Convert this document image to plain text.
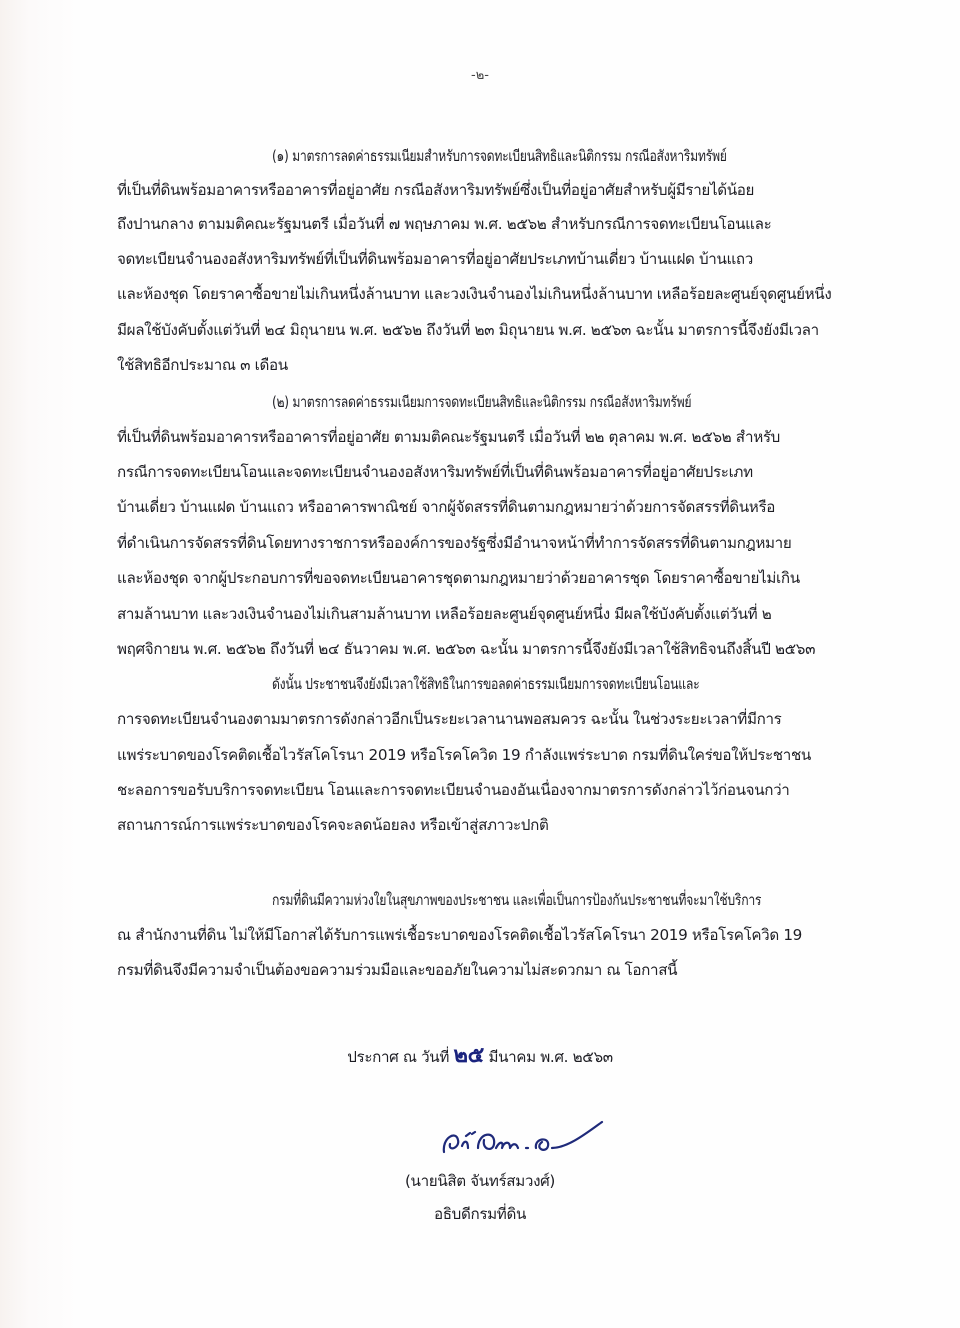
-๒-
(๑) มาตรการลดค่าธรรมเนียมสำหรับการจดทะเบียนสิทธิและนิติกรรม กรณีอสังหาริมทรัพย์
ที่เป็นที่ดินพร้อมอาคารหรืออาคารที่อยู่อาศัย กรณีอสังหาริมทรัพย์ซึ่งเป็นที่อยู่อาศัยสำหรับผู้มีรายได้น้อย
ถึงปานกลาง ตามมติคณะรัฐมนตรี เมื่อวันที่ ๗ พฤษภาคม พ.ศ. ๒๕๖๒ สำหรับกรณีการจดทะเบียนโอนและ
จดทะเบียนจำนองอสังหาริมทรัพย์ที่เป็นที่ดินพร้อมอาคารที่อยู่อาศัยประเภทบ้านเดี่ยว บ้านแฝด บ้านแถว
และห้องชุด โดยราคาซื้อขายไม่เกินหนึ่งล้านบาท และวงเงินจำนองไม่เกินหนึ่งล้านบาท เหลือร้อยละศูนย์จุดศูนย์หนึ่ง
มีผลใช้บังคับตั้งแต่วันที่ ๒๔ มิถุนายน พ.ศ. ๒๕๖๒ ถึงวันที่ ๒๓ มิถุนายน พ.ศ. ๒๕๖๓ ฉะนั้น มาตรการนี้จึงยังมีเวลา
ใช้สิทธิอีกประมาณ ๓ เดือน
(๒) มาตรการลดค่าธรรมเนียมการจดทะเบียนสิทธิและนิติกรรม กรณีอสังหาริมทรัพย์
ที่เป็นที่ดินพร้อมอาคารหรืออาคารที่อยู่อาศัย ตามมติคณะรัฐมนตรี เมื่อวันที่ ๒๒ ตุลาคม พ.ศ. ๒๕๖๒ สำหรับ
กรณีการจดทะเบียนโอนและจดทะเบียนจำนองอสังหาริมทรัพย์ที่เป็นที่ดินพร้อมอาคารที่อยู่อาศัยประเภท
บ้านเดี่ยว บ้านแฝด บ้านแถว หรืออาคารพาณิชย์ จากผู้จัดสรรที่ดินตามกฎหมายว่าด้วยการจัดสรรที่ดินหรือ
ที่ดำเนินการจัดสรรที่ดินโดยทางราชการหรือองค์การของรัฐซึ่งมีอำนาจหน้าที่ทำการจัดสรรที่ดินตามกฎหมาย
และห้องชุด จากผู้ประกอบการที่ขอจดทะเบียนอาคารชุดตามกฎหมายว่าด้วยอาคารชุด โดยราคาซื้อขายไม่เกิน
สามล้านบาท และวงเงินจำนองไม่เกินสามล้านบาท เหลือร้อยละศูนย์จุดศูนย์หนึ่ง มีผลใช้บังคับตั้งแต่วันที่ ๒
พฤศจิกายน พ.ศ. ๒๕๖๒ ถึงวันที่ ๒๔ ธันวาคม พ.ศ. ๒๕๖๓ ฉะนั้น มาตรการนี้จึงยังมีเวลาใช้สิทธิจนถึงสิ้นปี ๒๕๖๓
ดังนั้น ประชาชนจึงยังมีเวลาใช้สิทธิในการขอลดค่าธรรมเนียมการจดทะเบียนโอนและ
การจดทะเบียนจำนองตามมาตรการดังกล่าวอีกเป็นระยะเวลานานพอสมควร ฉะนั้น ในช่วงระยะเวลาที่มีการ
แพร่ระบาดของโรคติดเชื้อไวรัสโคโรนา 2019 หรือโรคโควิด 19 กำลังแพร่ระบาด กรมที่ดินใคร่ขอให้ประชาชน
ชะลอการขอรับบริการจดทะเบียน โอนและการจดทะเบียนจำนองอันเนื่องจากมาตรการดังกล่าวไว้ก่อนจนกว่า
สถานการณ์การแพร่ระบาดของโรคจะลดน้อยลง หรือเข้าสู่สภาวะปกติ
กรมที่ดินมีความห่วงใยในสุขภาพของประชาชน และเพื่อเป็นการป้องกันประชาชนที่จะมาใช้บริการ
ณ สำนักงานที่ดิน ไม่ให้มีโอกาสได้รับการแพร่เชื้อระบาดของโรคติดเชื้อไวรัสโคโรนา 2019 หรือโรคโควิด 19
กรมที่ดินจึงมีความจำเป็นต้องขอความร่วมมือและขออภัยในความไม่สะดวกมา ณ โอกาสนี้
ประกาศ ณ วันที่ ๒๕ มีนาคม พ.ศ. ๒๕๖๓
(นายนิสิต จันทร์สมวงศ์)
อธิบดีกรมที่ดิน
